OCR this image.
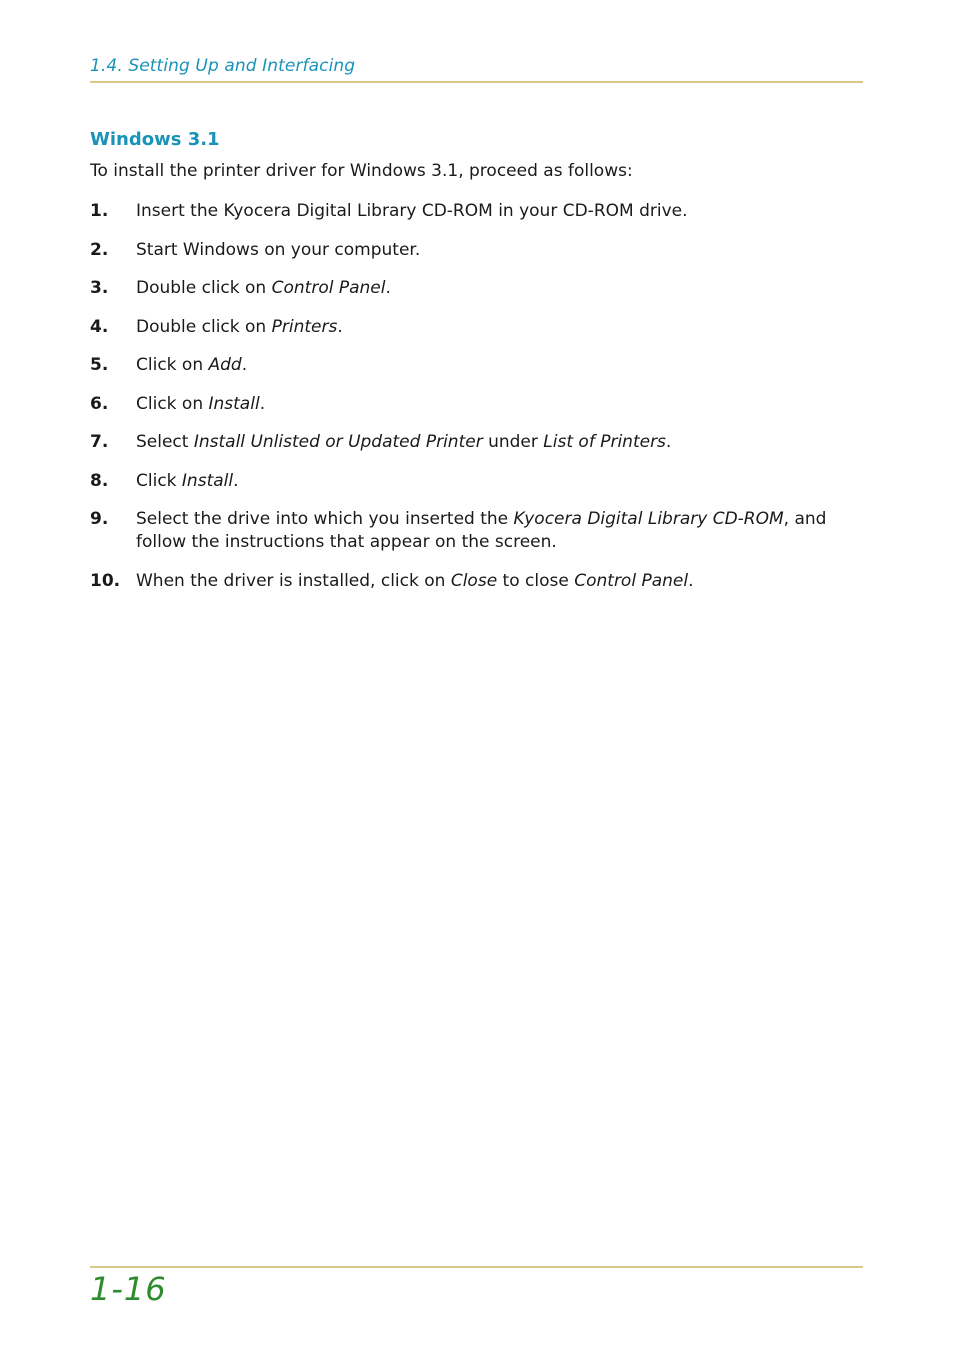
1.4. Setting Up and Interfacing
Windows 3.1
To install the printer driver for Windows 3.1, proceed as follows:
1. Insert the Kyocera Digital Library CD-ROM in your CD-ROM drive.
2. Start Windows on your computer.
3. Double click on Control Panel.
4. Double click on Printers.
5. Click on Add.
6. Click on Install.
7. Select Install Unlisted or Updated Printer under List of Printers.
8. Click Install.
9. Select the drive into which you inserted the Kyocera Digital Library CD-ROM, and follow the instructions that appear on the screen.
10. When the driver is installed, click on Close to close Control Panel.
1-16
